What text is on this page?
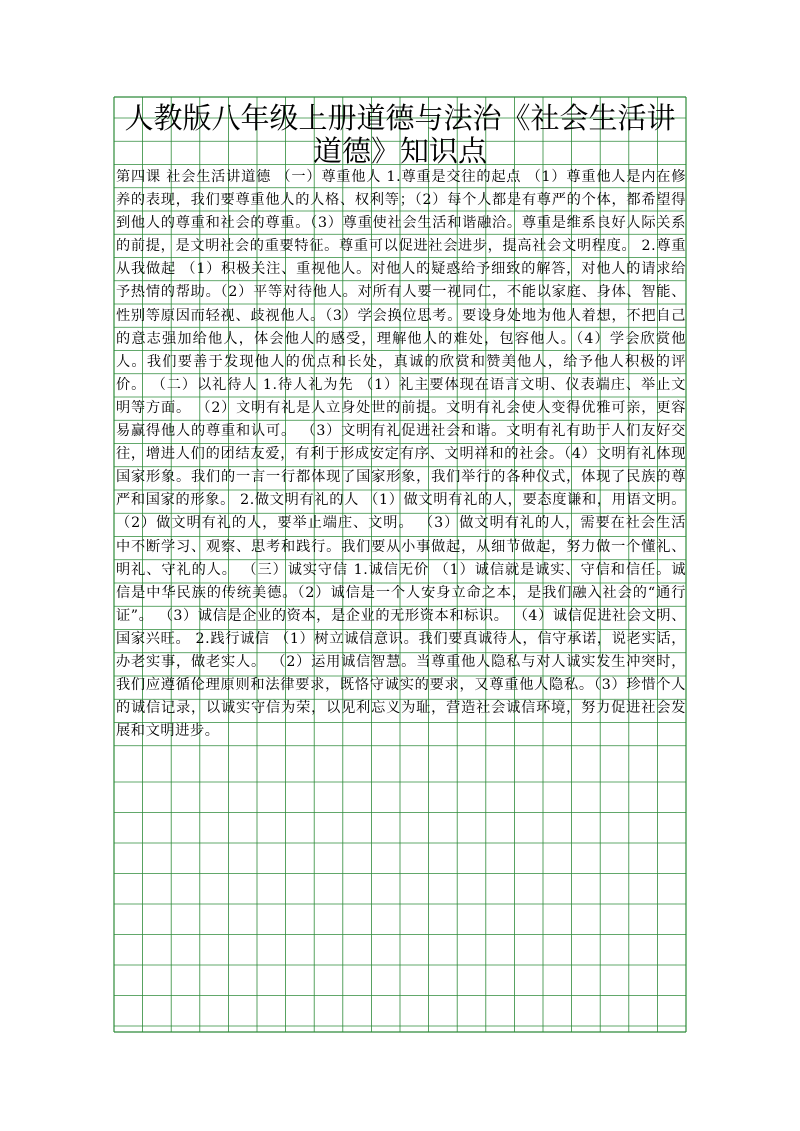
人教版八年级上册道德与法治《社会生活讲道德》知识点

第四课 社会生活讲道德 （一）尊重他人 1.尊重是交往的起点 （1）尊重他人是内在修养的表现，我们要尊重他人的人格、权利等；（2）每个人都是有尊严的个体，都希望得到他人的尊重和社会的尊重。（3）尊重使社会生活和谐融洽。尊重是维系良好人际关系的前提，是文明社会的重要特征。尊重可以促进社会进步，提高社会文明程度。 2.尊重从我做起 （1）积极关注、重视他人。对他人的疑惑给予细致的解答，对他人的请求给予热情的帮助。（2）平等对待他人。对所有人要一视同仁，不能以家庭、身体、智能、性别等原因而轻视、歧视他人。（3）学会换位思考。要设身处地为他人着想，不把自己的意志强加给他人，体会他人的感受，理解他人的难处，包容他人。（4）学会欣赏他人。我们要善于发现他人的优点和长处，真诚的欣赏和赞美他人，给予他人积极的评价。 （二）以礼待人 1.待人礼为先 （1）礼主要体现在语言文明、仪表端庄、举止文明等方面。 （2）文明有礼是人立身处世的前提。文明有礼会使人变得优雅可亲，更容易赢得他人的尊重和认可。 （3）文明有礼促进社会和谐。文明有礼有助于人们友好交 往，增进人们的团结友爱，有利于形成安定有序、文明祥和的社会。（4）文明有礼体现国家形象。我们的一言一行都体现了国家形象，我们举行的各种仪式，体现了民族的尊严和国家的形象。 2.做文明有礼的人 （1）做文明有礼的人，要态度谦和，用语文明。 （2）做文明有礼的人，要举止端庄、文明。 （3）做文明有礼的人，需要在社会生活中不断学习、观察、思考和践行。我们要从小事做起，从细节做起，努力做一个懂礼、明礼、守礼的人。 （三）诚实守信 1.诚信无价 （1）诚信就是诚实、守信和信任。诚信是中华民族的传统美德。（2）诚信是一个人安身立命之本，是我们融入社会的“通行证”。 （3）诚信是企业的资本，是企业的无形资本和标识。 （4）诚信促进社会文明、国家兴旺。 2.践行诚信 （1）树立诚信意识。我们要真诚待人，信守承诺，说老实话，办老实事，做老实人。 （2）运用诚信智慧。当尊重他人隐私与对人诚实发生冲突时，我们应遵循伦理原则和法律要求，既恪守诚实的要求，又尊重他人隐私。（3）珍惜个人的诚信记录，以诚实守信为荣，以见利忘义为耻，营造社会诚信环境，努力促进社会发展和文明进步。
